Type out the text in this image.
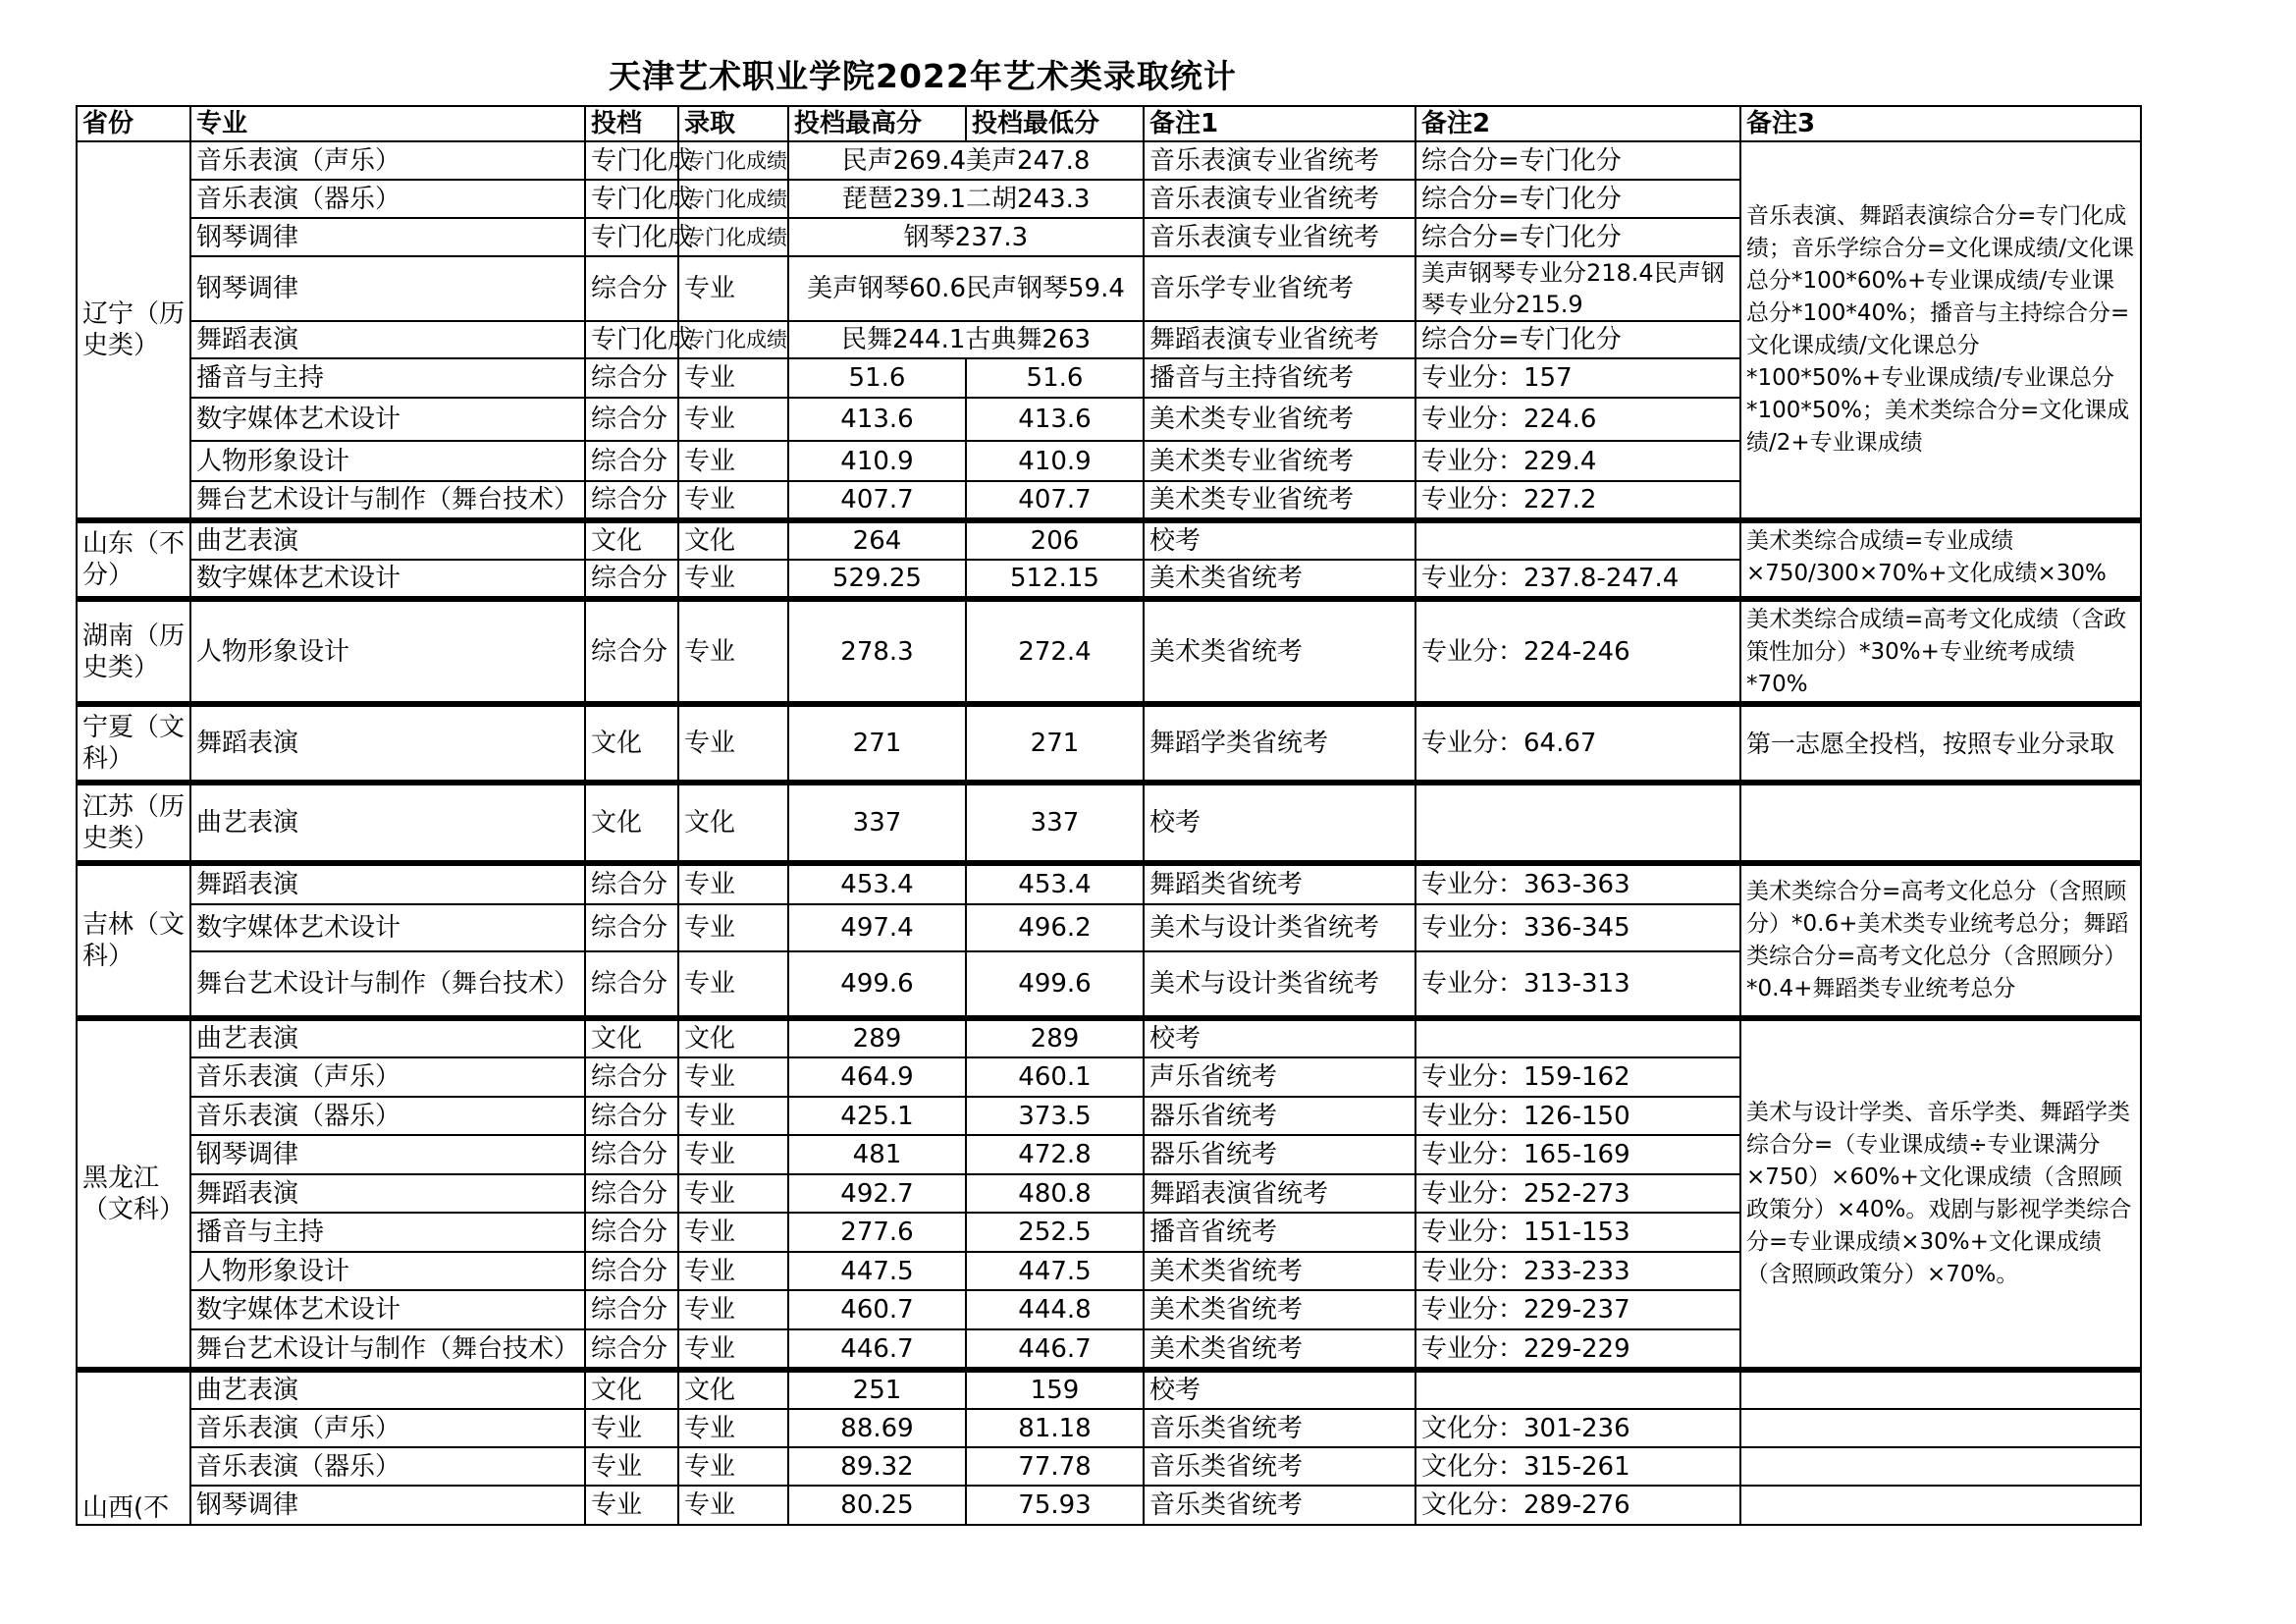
天津艺术职业学院2022年艺术类录取统计
省份	专业	投档	录取	投档最高分	投档最低分	备注1	备注2	备注3
辽宁（历史类）	音乐表演（声乐）	专门化成	专门化成绩	民声269.4美声247.8		音乐表演专业省统考	综合分=专门化分	音乐表演、舞蹈表演综合分=专门化成绩；音乐学综合分=文化课成绩/文化课总分*100*60%+专业课成绩/专业课总分*100*40%；播音与主持综合分=文化课成绩/文化课总分*100*50%+专业课成绩/专业课总分*100*50%；美术类综合分=文化课成绩/2+专业课成绩
	音乐表演（器乐）	专门化成	专门化成绩	琵琶239.1二胡243.3		音乐表演专业省统考	综合分=专门化分	
	钢琴调律	专门化成	专门化成绩	钢琴237.3		音乐表演专业省统考	综合分=专门化分	
	钢琴调律	综合分	专业	美声钢琴60.6民声钢琴59.4		音乐学专业省统考	美声钢琴专业分218.4民声钢琴专业分215.9	
	舞蹈表演	专门化成	专门化成绩	民舞244.1古典舞263		舞蹈表演专业省统考	综合分=专门化分	
	播音与主持	综合分	专业	51.6	51.6	播音与主持省统考	专业分：157	
	数字媒体艺术设计	综合分	专业	413.6	413.6	美术类专业省统考	专业分：224.6	
	人物形象设计	综合分	专业	410.9	410.9	美术类专业省统考	专业分：229.4	
	舞台艺术设计与制作（舞台技术）	综合分	专业	407.7	407.7	美术类专业省统考	专业分：227.2	
山东（不分）	曲艺表演	文化	文化	264	206	校考		美术类综合成绩=专业成绩×750/300×70%+文化成绩×30%
	数字媒体艺术设计	综合分	专业	529.25	512.15	美术类省统考	专业分：237.8-247.4	
湖南（历史类）	人物形象设计	综合分	专业	278.3	272.4	美术类省统考	专业分：224-246	美术类综合成绩=高考文化成绩（含政策性加分）*30%+专业统考成绩*70%
宁夏（文科）	舞蹈表演	文化	专业	271	271	舞蹈学类省统考	专业分：64.67	第一志愿全投档，按照专业分录取
江苏（历史类）	曲艺表演	文化	文化	337	337	校考		
吉林（文科）	舞蹈表演	综合分	专业	453.4	453.4	舞蹈类省统考	专业分：363-363	美术类综合分=高考文化总分（含照顾分）*0.6+美术类专业统考总分；舞蹈类综合分=高考文化总分（含照顾分）*0.4+舞蹈类专业统考总分
	数字媒体艺术设计	综合分	专业	497.4	496.2	美术与设计类省统考	专业分：336-345	
	舞台艺术设计与制作（舞台技术）	综合分	专业	499.6	499.6	美术与设计类省统考	专业分：313-313	
黑龙江（文科）	曲艺表演	文化	文化	289	289	校考		美术与设计学类、音乐学类、舞蹈学类综合分=（专业课成绩÷专业课满分×750）×60%+文化课成绩（含照顾政策分）×40%。戏剧与影视学类综合分=专业课成绩×30%+文化课成绩（含照顾政策分）×70%。
	音乐表演（声乐）	综合分	专业	464.9	460.1	声乐省统考	专业分：159-162	
	音乐表演（器乐）	综合分	专业	425.1	373.5	器乐省统考	专业分：126-150	
	钢琴调律	综合分	专业	481	472.8	器乐省统考	专业分：165-169	
	舞蹈表演	综合分	专业	492.7	480.8	舞蹈表演省统考	专业分：252-273	
	播音与主持	综合分	专业	277.6	252.5	播音省统考	专业分：151-153	
	人物形象设计	综合分	专业	447.5	447.5	美术类省统考	专业分：233-233	
	数字媒体艺术设计	综合分	专业	460.7	444.8	美术类省统考	专业分：229-237	
	舞台艺术设计与制作（舞台技术）	综合分	专业	446.7	446.7	美术类省统考	专业分：229-229	
山西(不	曲艺表演	文化	文化	251	159	校考		
	音乐表演（声乐）	专业	专业	88.69	81.18	音乐类省统考	文化分：301-236	
	音乐表演（器乐）	专业	专业	89.32	77.78	音乐类省统考	文化分：315-261	
	钢琴调律	专业	专业	80.25	75.93	音乐类省统考	文化分：289-276	
